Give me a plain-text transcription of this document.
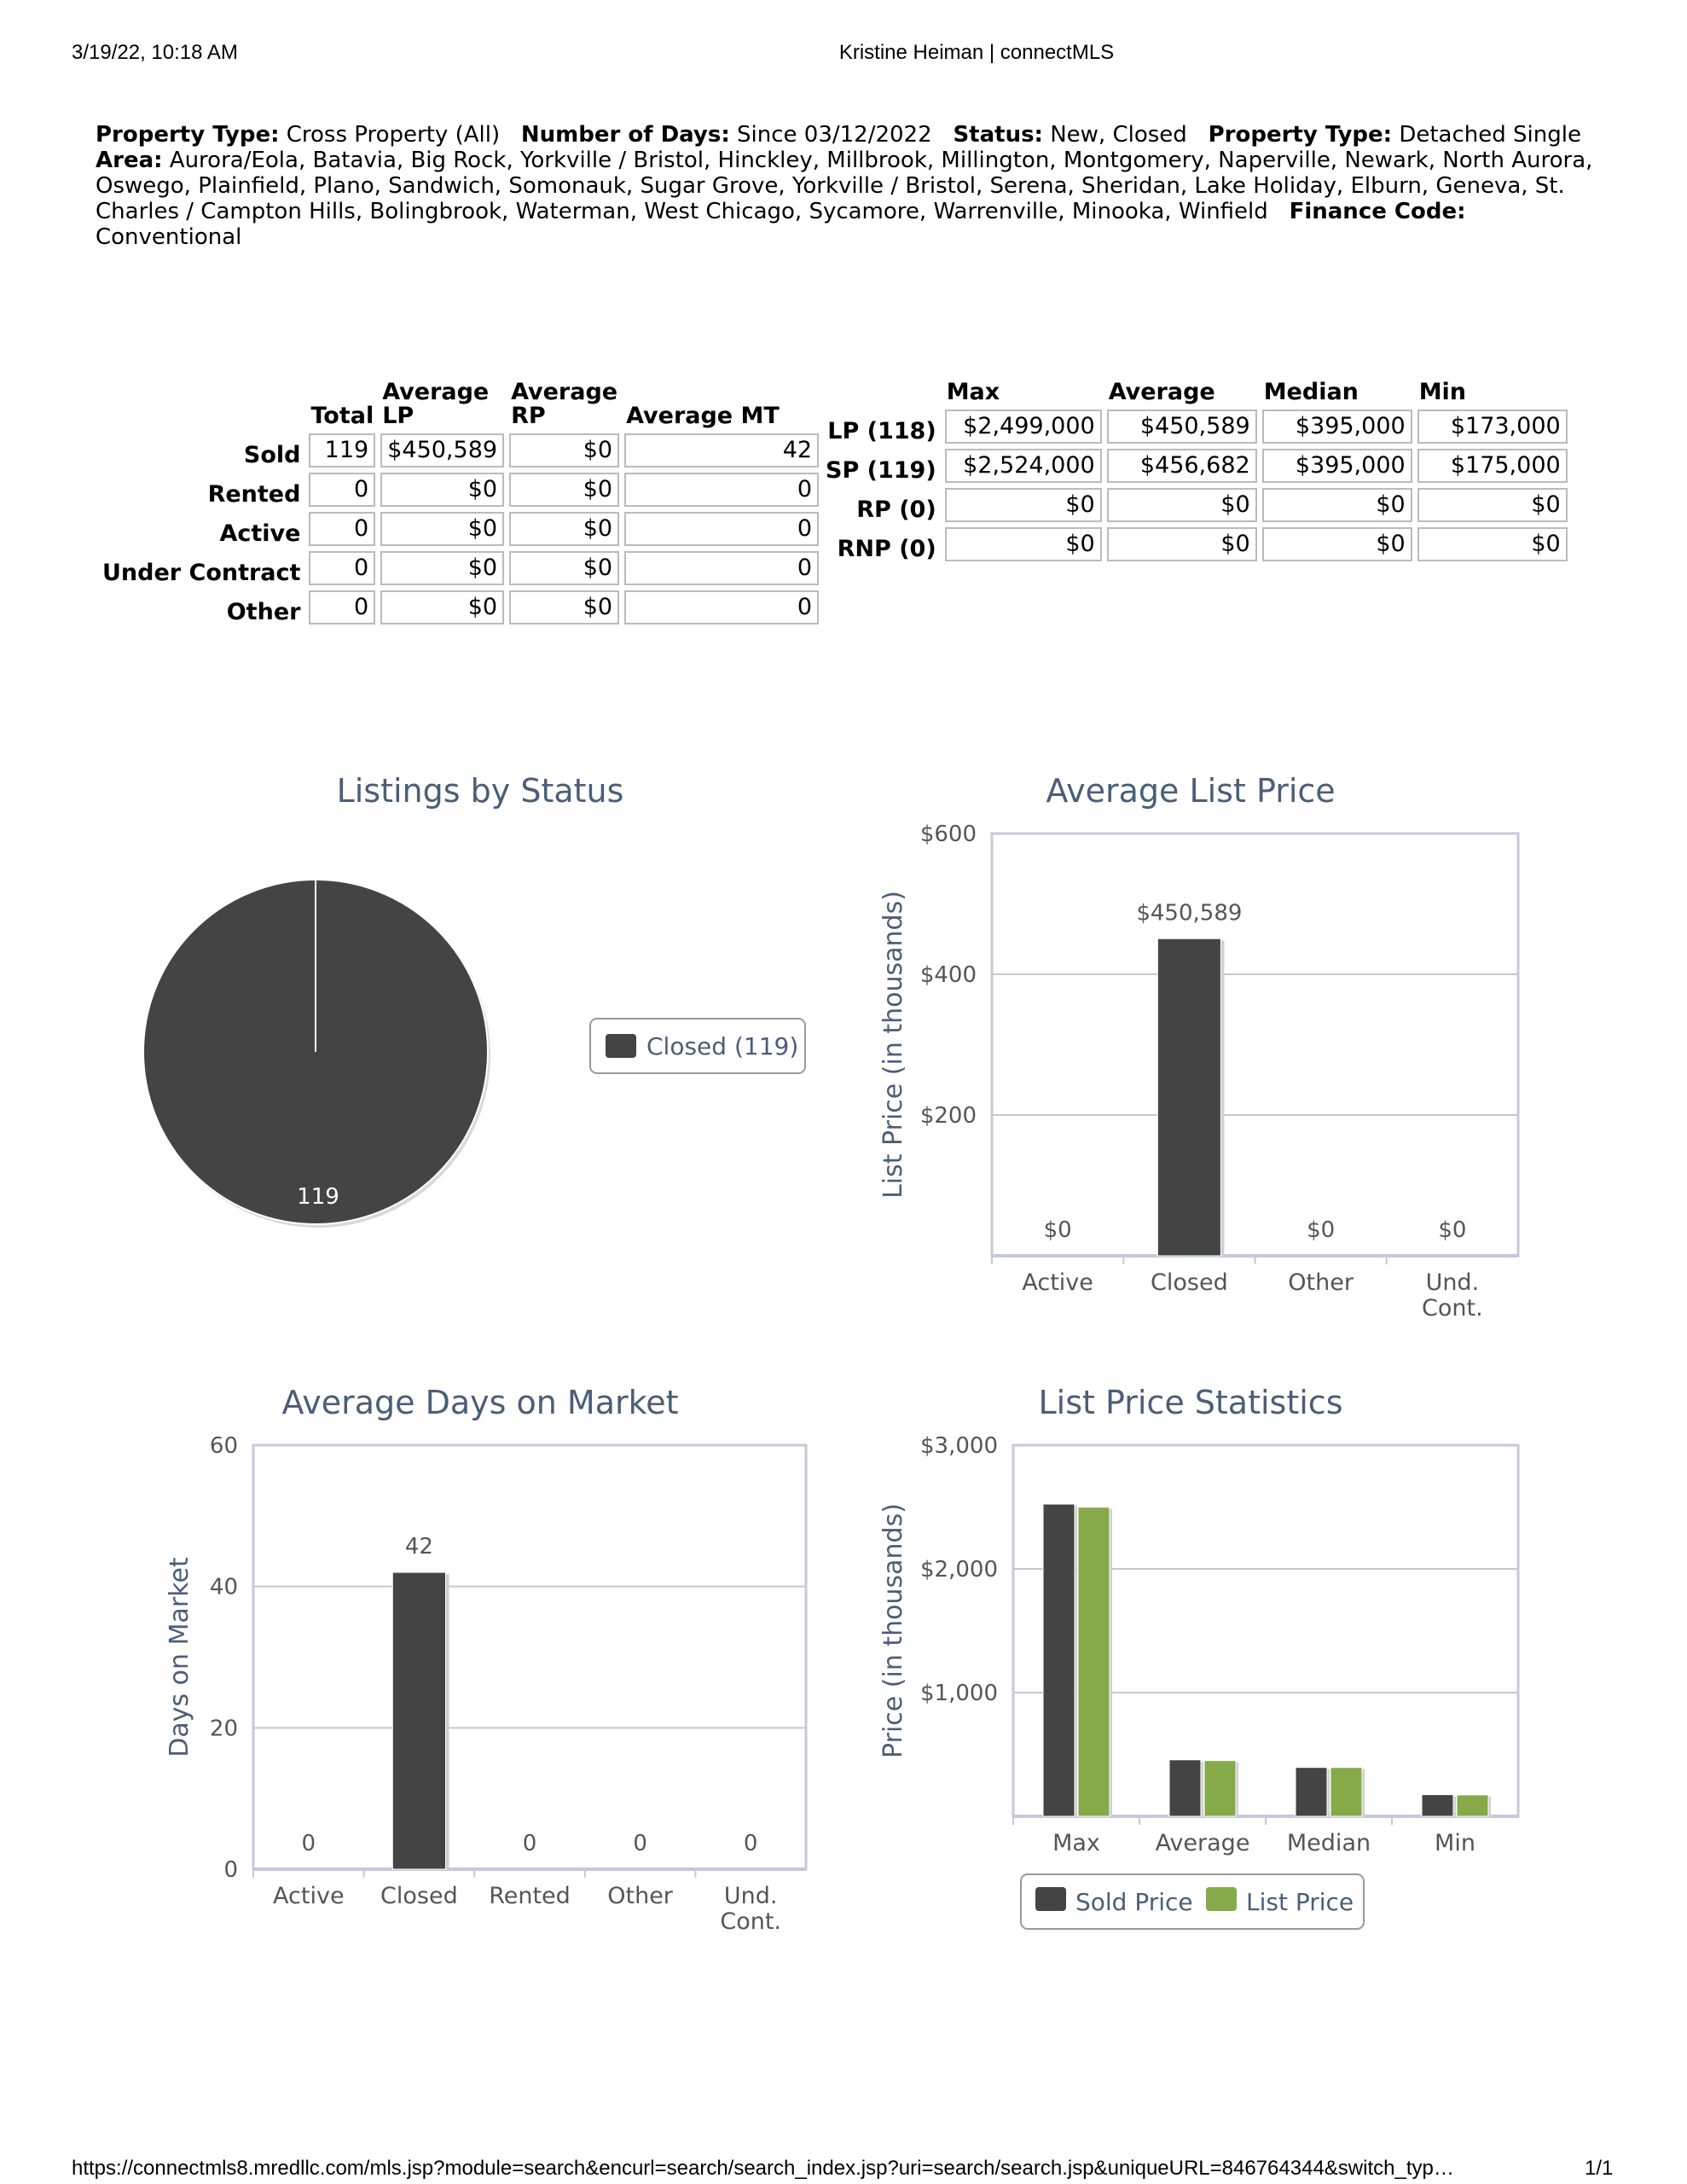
3/19/22, 10:18 AM	Kristine Heiman | connectMLS
Property Type: Cross Property (All) Number of Days: Since 03/12/2022 Status: New, Closed Property Type: Detached Single   Area: Aurora/Eola, Batavia, Big Rock, Yorkville / Bristol, Hinckley, Millbrook, Millington, Montgomery, Naperville, Newark, North Aurora, Oswego, Plainfield, Plano, Sandwich, Somonauk, Sugar Grove, Yorkville / Bristol, Serena, Sheridan, Lake Holiday, Elburn, Geneva, St. Charles / Campton Hills, Bolingbrook, Waterman, West Chicago, Sycamore, Warrenville, Minooka, Winfield Finance Code: Conventional
	Total	Average LP	Average RP	Average MT
Sold	119	$450,589	$0	42
Rented	0	$0	$0	0
Active	0	$0	$0	0
Under Contract	0	$0	$0	0
Other	0	$0	$0	0
	Max	Average	Median	Min
LP (118)	$2,499,000	$450,589	$395,000	$173,000
SP (119)	$2,524,000	$456,682	$395,000	$175,000
RP (0)	$0	$0	$0	$0
RNP (0)	$0	$0	$0	$0
Listings by Status
119
Closed (119)
Average List Price
$200
$400
$600
List Price (in thousands)
Active
$0
Closed
$450,589
Other
$0
Und.
Cont.
$0
Average Days on Market
0
20
40
60
Days on Market
Active
0
Closed
42
Rented
0
Other
0
Und.
Cont.
0
List Price Statistics
$1,000
$2,000
$3,000
Price (in thousands)
Max Average Median	Min
Sold Price List Price
https://connectmls8.mredllc.com/mls.jsp?module=search&encurl=search/search_index.jsp?uri=search/search.jsp&uniqueURL=846764344&switch_typ…	1/1
